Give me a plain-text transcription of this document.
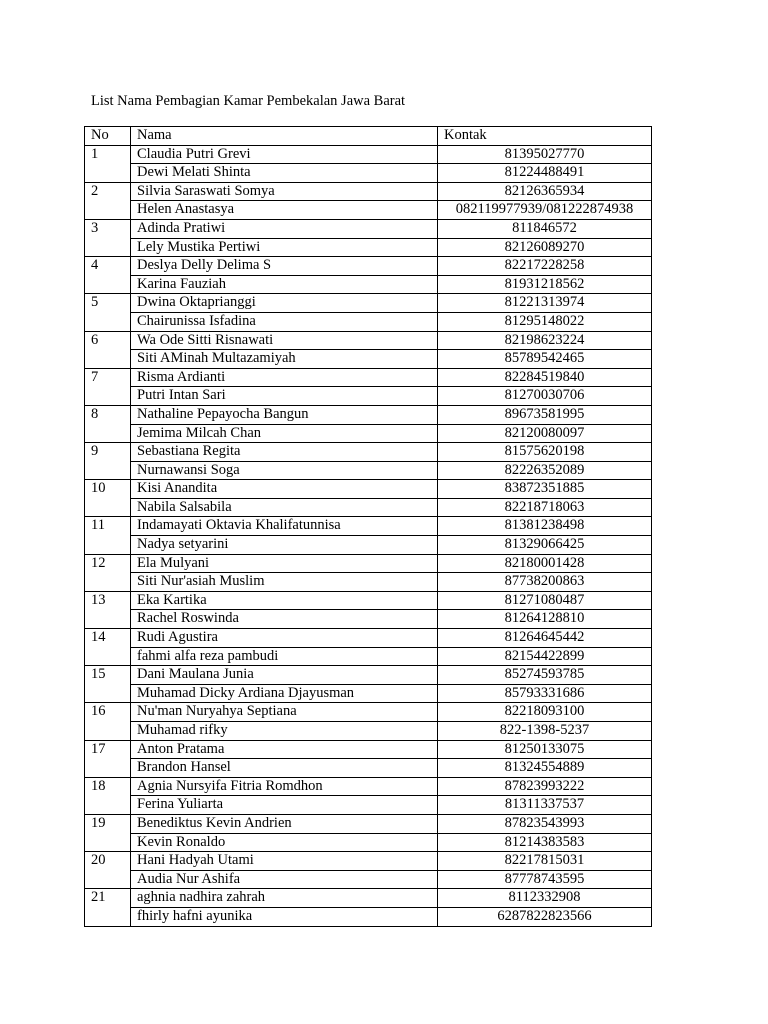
List Nama Pembagian Kamar Pembekalan Jawa Barat
No	Nama	Kontak
1	Claudia Putri Grevi	81395027770
	Dewi Melati Shinta	81224488491
2	Silvia Saraswati Somya	82126365934
	Helen Anastasya	082119977939/081222874938
3	Adinda Pratiwi	811846572
	Lely Mustika Pertiwi	82126089270
4	Deslya Delly Delima S	82217228258
	Karina Fauziah	81931218562
5	Dwina Oktaprianggi	81221313974
	Chairunissa Isfadina	81295148022
6	Wa Ode Sitti Risnawati	82198623224
	Siti AMinah Multazamiyah	85789542465
7	Risma Ardianti	82284519840
	Putri Intan Sari	81270030706
8	Nathaline Pepayocha Bangun	89673581995
	Jemima Milcah Chan	82120080097
9	Sebastiana Regita	81575620198
	Nurnawansi Soga	82226352089
10	Kisi Anandita	83872351885
	Nabila Salsabila	82218718063
11	Indamayati Oktavia Khalifatunnisa	81381238498
	Nadya setyarini	81329066425
12	Ela Mulyani	82180001428
	Siti Nur'asiah Muslim	87738200863
13	Eka Kartika	81271080487
	Rachel Roswinda	81264128810
14	Rudi Agustira	81264645442
	fahmi alfa reza pambudi	82154422899
15	Dani Maulana Junia	85274593785
	Muhamad Dicky Ardiana Djayusman	85793331686
16	Nu'man Nuryahya Septiana	82218093100
	Muhamad rifky	822-1398-5237
17	Anton Pratama	81250133075
	Brandon Hansel	81324554889
18	Agnia Nursyifa Fitria Romdhon	87823993222
	Ferina Yuliarta	81311337537
19	Benediktus Kevin Andrien	87823543993
	Kevin Ronaldo	81214383583
20	Hani Hadyah Utami	82217815031
	Audia Nur Ashifa	87778743595
21	aghnia nadhira zahrah	8112332908
	fhirly hafni ayunika	6287822823566
